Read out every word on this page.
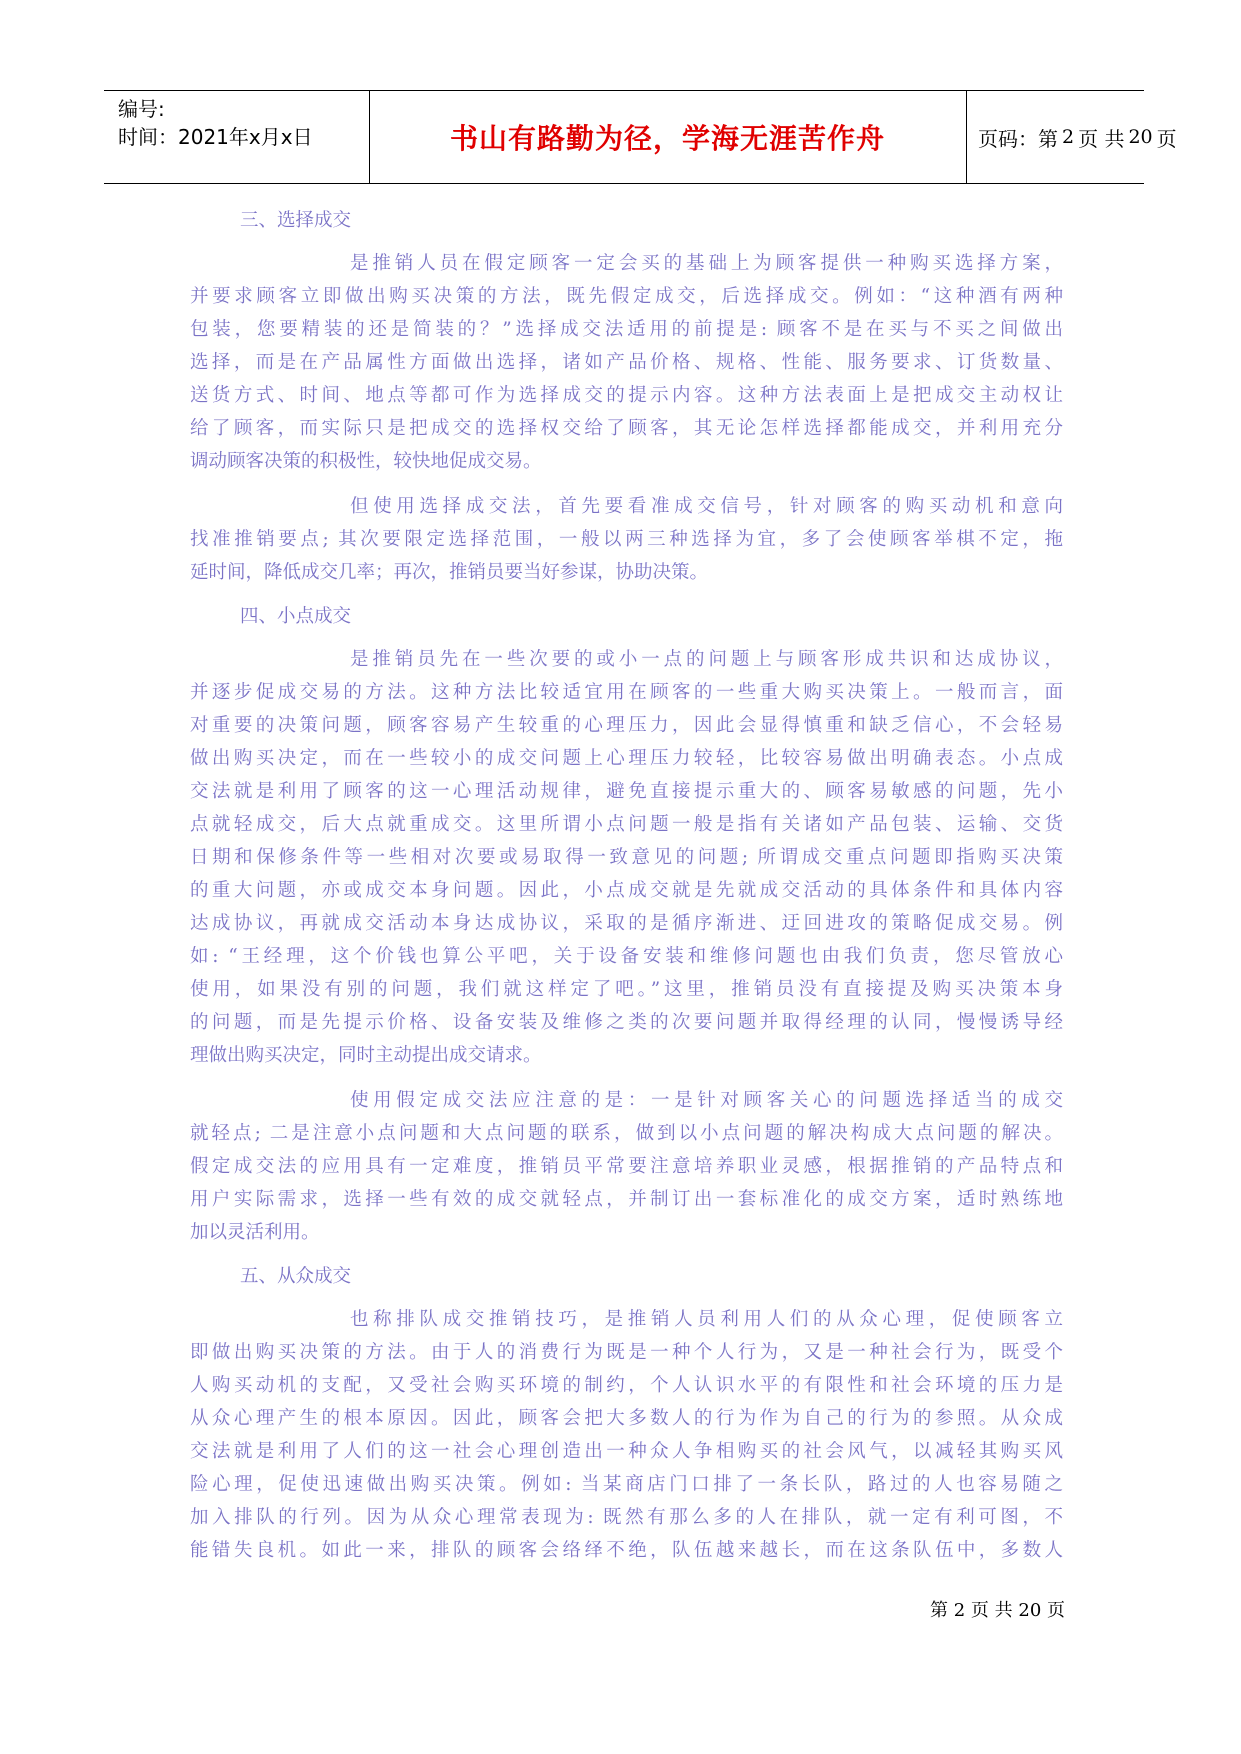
编号:
时间：2021年x月x日	书山有路勤为径，学海无涯苦作舟	页码：第 2 页 共 20 页
三、选择成交
是推销人员在假定顾客一定会买的基础上为顾客提供一种购买选择方案，
并要求顾客立即做出购买决策的方法，既先假定成交，后选择成交。例如：“这种酒有两种
包装，您要精装的还是简装的？”选择成交法适用的前提是: 顾客不是在买与不买之间做出
选择，而是在产品属性方面做出选择，诸如产品价格、规格、性能、服务要求、订货数量、
送货方式、时间、地点等都可作为选择成交的提示内容。这种方法表面上是把成交主动权让
给了顾客，而实际只是把成交的选择权交给了顾客，其无论怎样选择都能成交，并利用充分
调动顾客决策的积极性，较快地促成交易。
但使用选择成交法，首先要看准成交信号，针对顾客的购买动机和意向
找准推销要点; 其次要限定选择范围，一般以两三种选择为宜，多了会使顾客举棋不定，拖
延时间，降低成交几率；再次，推销员要当好参谋，协助决策。
四、小点成交
是推销员先在一些次要的或小一点的问题上与顾客形成共识和达成协议，
并逐步促成交易的方法。这种方法比较适宜用在顾客的一些重大购买决策上。一般而言，面
对重要的决策问题，顾客容易产生较重的心理压力，因此会显得慎重和缺乏信心，不会轻易
做出购买决定，而在一些较小的成交问题上心理压力较轻，比较容易做出明确表态。小点成
交法就是利用了顾客的这一心理活动规律，避免直接提示重大的、顾客易敏感的问题，先小
点就轻成交，后大点就重成交。这里所谓小点问题一般是指有关诸如产品包装、运输、交货
日期和保修条件等一些相对次要或易取得一致意见的问题; 所谓成交重点问题即指购买决策
的重大问题，亦或成交本身问题。因此，小点成交就是先就成交活动的具体条件和具体内容
达成协议，再就成交活动本身达成协议，采取的是循序渐进、迂回进攻的策略促成交易。例
如: “王经理，这个价钱也算公平吧，关于设备安装和维修问题也由我们负责，您尽管放心
使用，如果没有别的问题，我们就这样定了吧。”这里，推销员没有直接提及购买决策本身
的问题，而是先提示价格、设备安装及维修之类的次要问题并取得经理的认同，慢慢诱导经
理做出购买决定，同时主动提出成交请求。
使用假定成交法应注意的是：一是针对顾客关心的问题选择适当的成交
就轻点; 二是注意小点问题和大点问题的联系，做到以小点问题的解决构成大点问题的解决。
假定成交法的应用具有一定难度，推销员平常要注意培养职业灵感，根据推销的产品特点和
用户实际需求，选择一些有效的成交就轻点，并制订出一套标准化的成交方案，适时熟练地
加以灵活利用。
五、从众成交
也称排队成交推销技巧，是推销人员利用人们的从众心理，促使顾客立
即做出购买决策的方法。由于人的消费行为既是一种个人行为，又是一种社会行为，既受个
人购买动机的支配，又受社会购买环境的制约，个人认识水平的有限性和社会环境的压力是
从众心理产生的根本原因。因此，顾客会把大多数人的行为作为自己的行为的参照。从众成
交法就是利用了人们的这一社会心理创造出一种众人争相购买的社会风气，以减轻其购买风
险心理，促使迅速做出购买决策。例如: 当某商店门口排了一条长队，路过的人也容易随之
加入排队的行列。因为从众心理常表现为: 既然有那么多的人在排队，就一定有利可图，不
能错失良机。如此一来，排队的顾客会络绎不绝，队伍越来越长，而在这条队伍中，多数人
第 2 页 共 20 页
